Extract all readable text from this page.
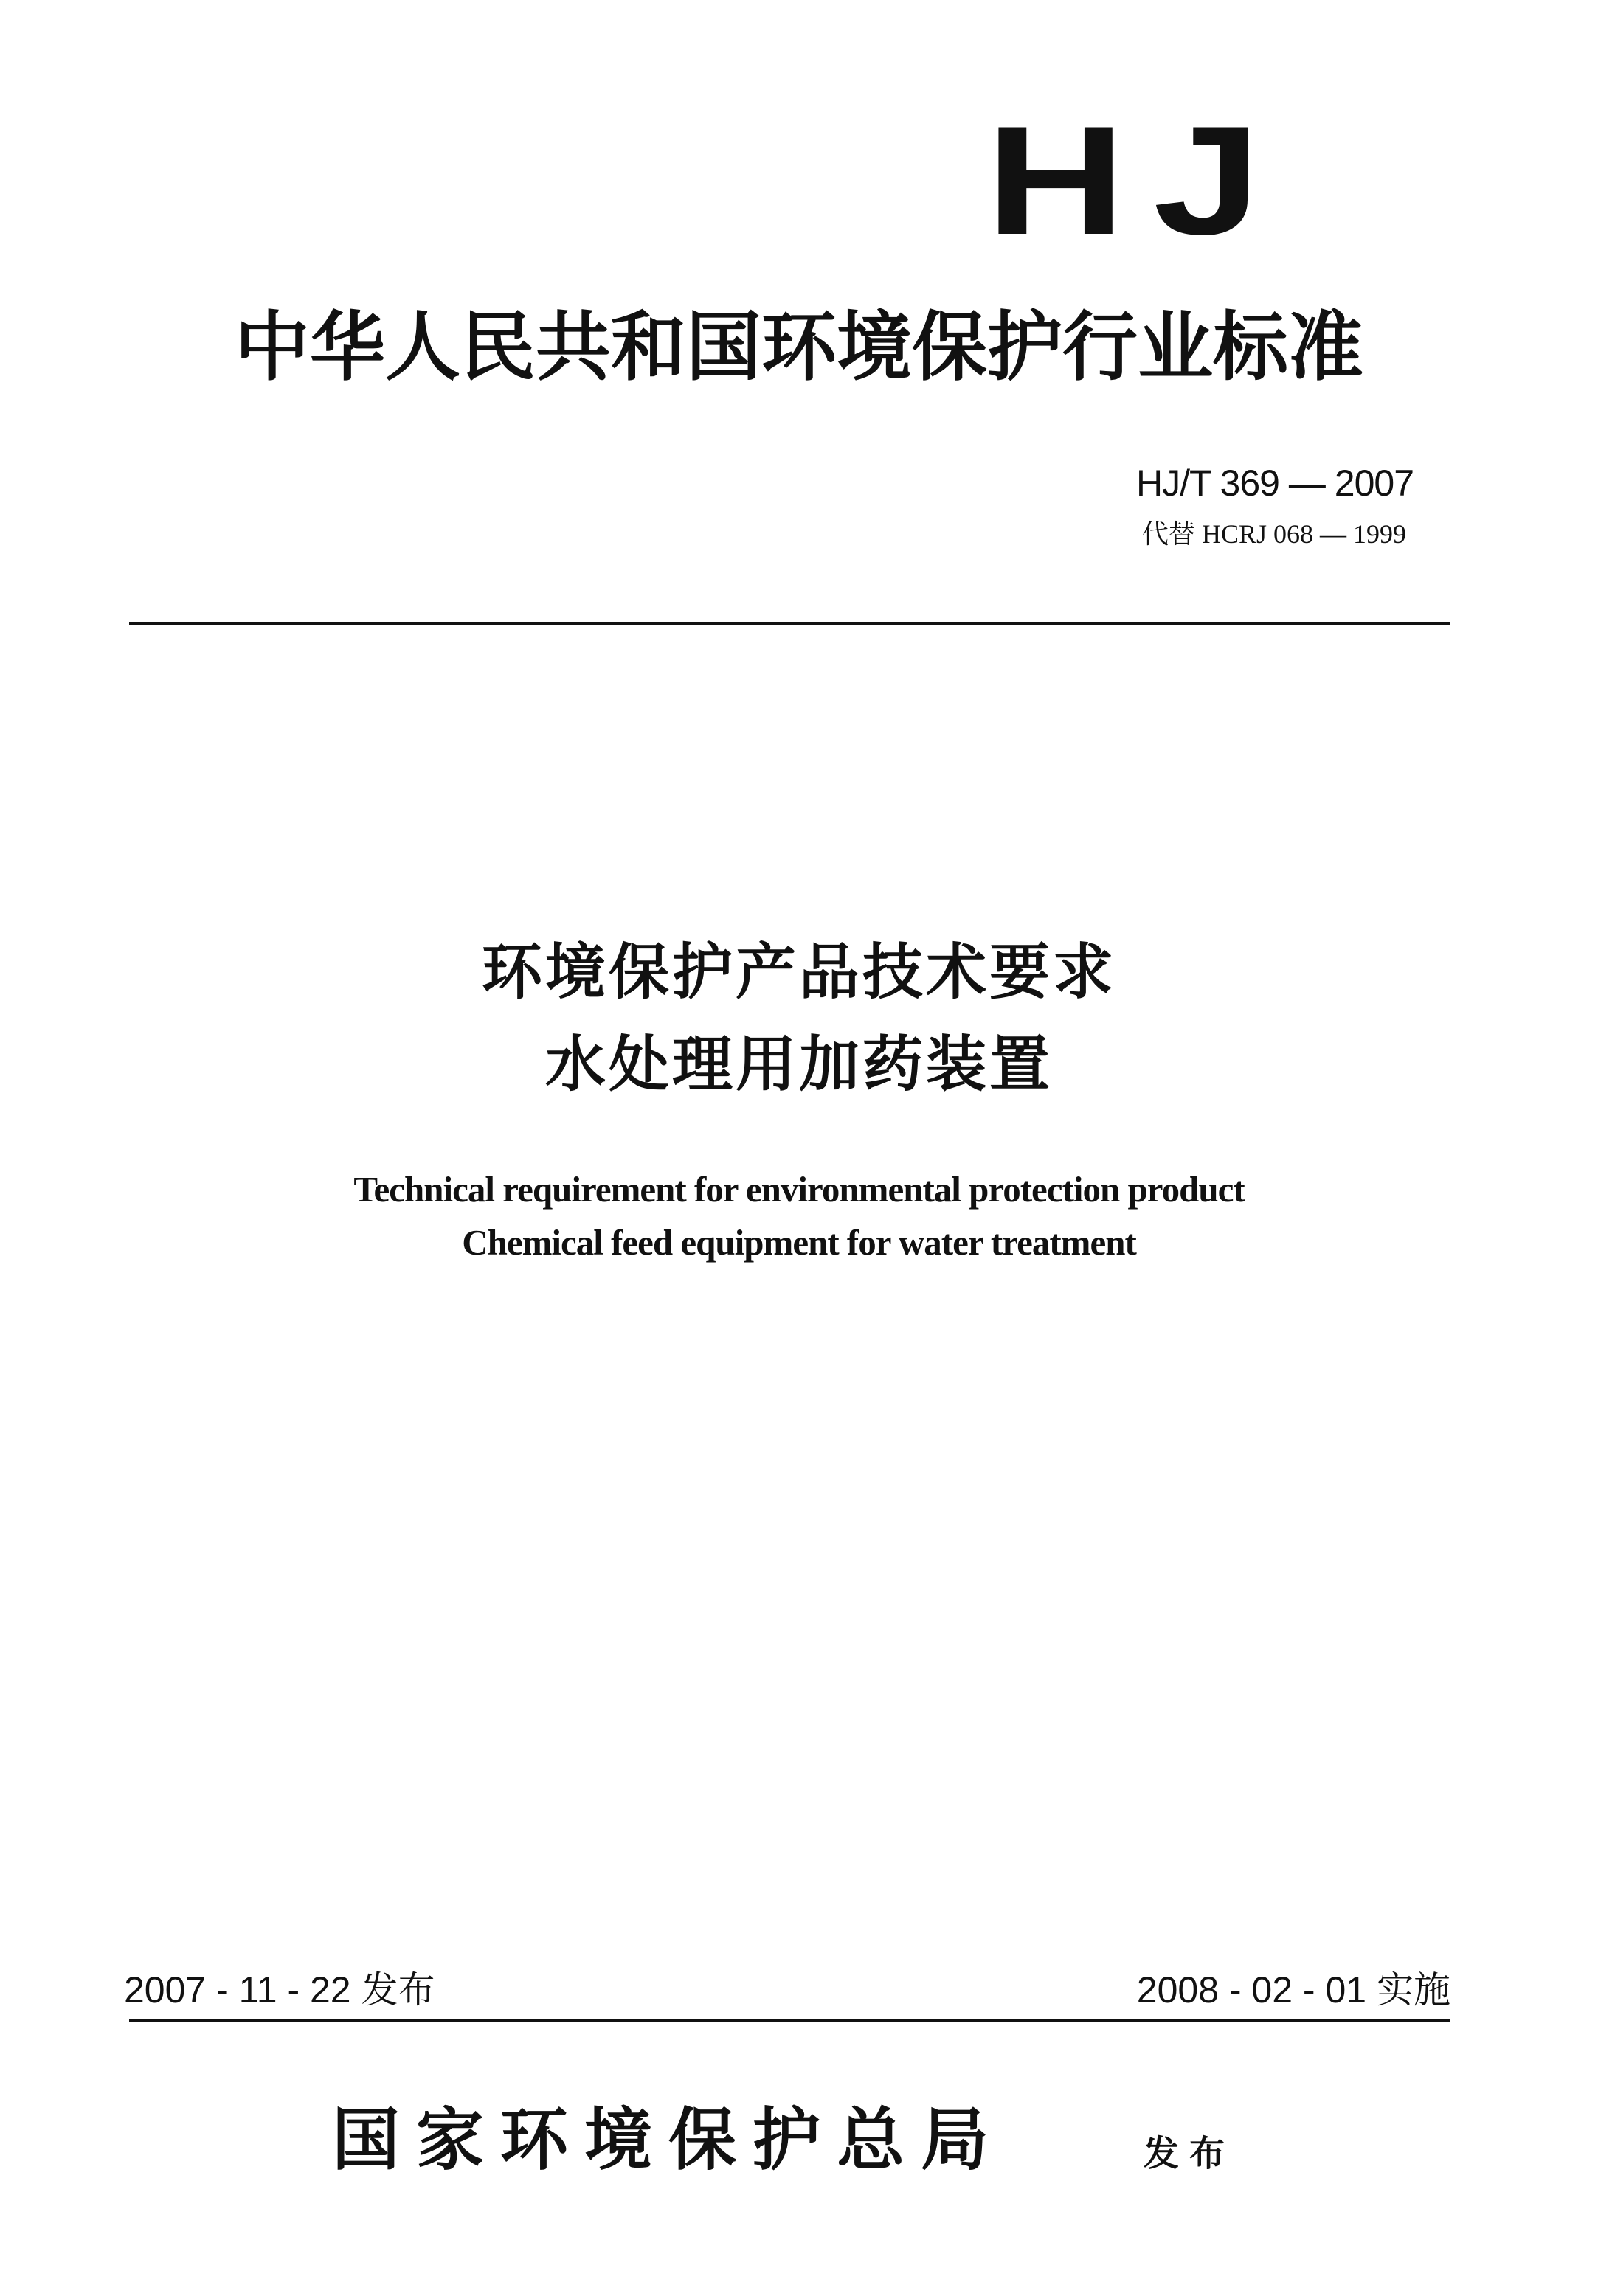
HJ
中华人民共和国环境保护行业标准
HJ/T 369 — 2007
代替 HCRJ 068 — 1999
环境保护产品技术要求
水处理用加药装置
Technical requirement for environmental protection product
Chemical feed equipment for water treatment
2007 - 11 - 22 发布	2008 - 02 - 01 实施
国家环境保护总局	发布
